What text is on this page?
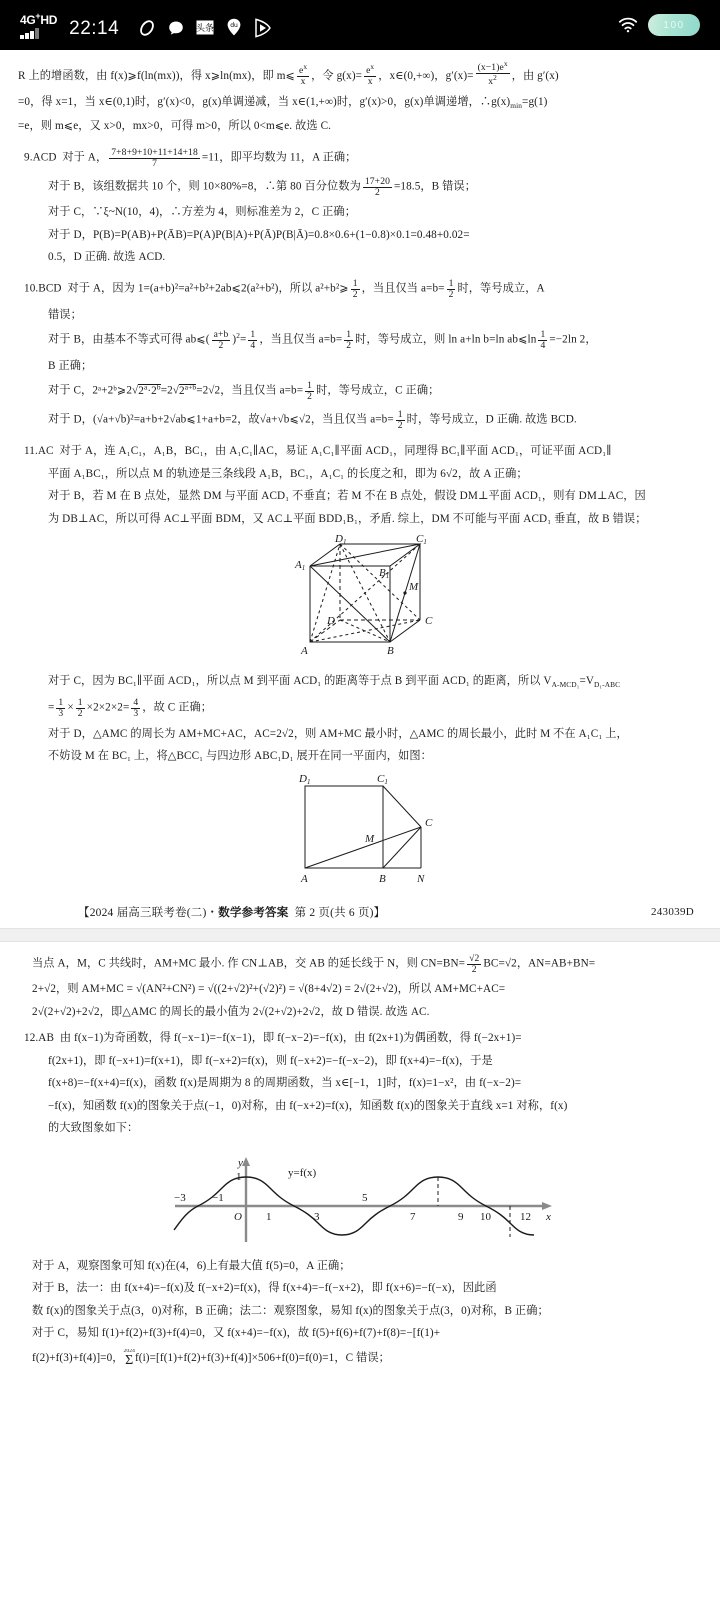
4G+HD 22:14	头条	du	100

R 上的增函数，由 f(x)⩾f(ln(mx))，得 x⩾ln(mx)，即 m⩽ $\frac{e^x}{x}$ ，令 $g(x)= \frac{e^x}{x}$ ，x∈(0,+∞)，$g'(x)= \frac{(x-1)e^x}{x^2}$ ，由 g′(x)

=0，得 x=1，当 x∈(0,1)时，g′(x)<0，g(x)单调递减，当 x∈(1,+∞)时，g′(x)>0，g(x)单调递增，$\therefore g(x)_{min}=g(1)$

=e，则 m⩽e，又 x>0，mx>0，可得 m>0，所以 0<m⩽e. 故选 C.

9.ACD 对于 A， $\frac{7+8+9+10+11+14+18}{7} =11$，即平均数为 11，A 正确；

对于 B，该组数据共 10 个，则 10×80%=8，∴第 80 百分位数为 $\frac{17+20}{2} =18.5$，B 错误；

对于 C，∵ξ~N(10，4)，∴方差为 4，则标准差为 2，C 正确；

对于 D，P(B)=P(AB)+P(ĀB)=P(A)P(B|A)+P(Ā)P(B|Ā)=0.8×0.6+(1−0.8)×0.1=0.48+0.02=

0.5，D 正确. 故选 ACD.

10.BCD 对于 A，因为 1=(a+b)²=a²+b²+2ab⩽2(a²+b²)，所以 a²+b²⩾ $\frac{1}{2}$ ，当且仅当 $a=b= \frac{1}{2}$ 时，等号成立，A

错误；

对于 B，由基本不等式可得 ab⩽( $\frac{a+b}{2} )^2= \frac{1}{4}$ ，当且仅当 $a=b= \frac{1}{2}$ 时，等号成立，则 ln a+ln b=ln ab⩽ln $\frac{1}{4} =-2\ln$ 2，

B 正确；

对于 C，$2ᵃ+2ᵇ⩾2√2^a\cdot 2^b=2√2^{a+b}=2√2$，当且仅当 $a=b= \frac{1}{2}$ 时，等号成立，C 正确；

对于 D，(√a+√b)²=a+b+2√ab⩽1+a+b=2，故√a+√b⩽√2，当且仅当 $a=b= \frac{1}{2}$ 时，等号成立，D 正确. 故选 BCD.

11.AC 对于 A，连 A₁C₁，A₁B，BC₁，由 A₁C₁∥AC，易证 A₁C₁∥平面 ACD₁，同理得 BC₁∥平面 ACD₁，可证平面 ACD₁∥

平面 A₁BC₁，所以点 M 的轨迹是三条线段 A₁B，BC₁，A₁C₁ 的长度之和，即为 6√2，故 A 正确；

对于 B，若 M 在 B 点处，显然 DM 与平面 ACD₁ 不垂直；若 M 不在 B 点处，假设 DM⊥平面 ACD₁，则有 DM⊥AC，因

为 DB⊥AC，所以可得 AC⊥平面 BDM，又 AC⊥平面 BDD₁B₁，矛盾. 综上，DM 不可能与平面 ACD₁ 垂直，故 B 错误；

D1	C1
A1	B1
M
D	C
A	B

对于 C，因为 BC₁∥平面 ACD₁，所以点 M 到平面 ACD₁ 的距离等于点 B 到平面 ACD₁ 的距离，所以 $V_{A-MCD_1}=V_{D_1-ABC}$

= $\frac{1}{3} \times \frac{1}{2} \times 2\times 2\times 2= \frac{4}{3}$ ，故 C 正确；

对于 D，△AMC 的周长为 AM+MC+AC，AC=2√2，则 AM+MC 最小时，△AMC 的周长最小，此时 M 不在 A₁C₁ 上，

不妨设 M 在 BC₁ 上，将△BCC₁ 与四边形 ABC₁D₁ 展开在同一平面内，如图：

D1	C1
C
M
A	B	N
【2024 届高三联考卷(二)・数学参考答案 第 2 页(共 6 页)】	243039D

当点 A，M，C 共线时，AM+MC 最小. 作 CN⊥AB，交 AB 的延长线于 N，则 $CN=BN= \frac{√2}{2} BC=√2$，AN=AB+BN=

2+√2，则 AM+MC = √(AN²+CN²) = √((2+√2)²+(√2)²) = √(8+4√2) = 2√(2+√2)，所以 AM+MC+AC=

2√(2+√2)+2√2，即△AMC 的周长的最小值为 2√(2+√2)+2√2，故 D 错误. 故选 AC.

12.AB 由 f(x−1)为奇函数，得 f(−x−1)=−f(x−1)，即 f(−x−2)=−f(x)，由 f(2x+1)为偶函数，得 f(−2x+1)=

f(2x+1)，即 f(−x+1)=f(x+1)，即 f(−x+2)=f(x)，则 f(−x+2)=−f(−x−2)，即 f(x+4)=−f(x)，于是

f(x+8)=−f(x+4)=f(x)，函数 f(x)是周期为 8 的周期函数，当 x∈[−1，1]时，f(x)=1−x²，由 f(−x−2)=

−f(x)，知函数 f(x)的图象关于点(−1，0)对称，由 f(−x+2)=f(x)，知函数 f(x)的图象关于直线 x=1 对称，f(x)

的大致图象如下：

1
y
x
O
y=f(x)
−3 −1
1	3
5
7	9 10	12

对于 A，观察图象可知 f(x)在(4，6)上有最大值 f(5)=0，A 正确；

对于 B，法一：由 f(x+4)=−f(x)及 f(−x+2)=f(x)，得 f(x+4)=−f(−x+2)，即 f(x+6)=−f(−x)，因此函

数 f(x)的图象关于点(3，0)对称，B 正确；法二：观察图象，易知 f(x)的图象关于点(3，0)对称，B 正确；

对于 C，易知 f(1)+f(2)+f(3)+f(4)=0，又 f(x+4)=−f(x)，故 f(5)+f(6)+f(7)+f(8)=−[f(1)+

f(2)+f(3)+f(4)]=0，
2024
Σ f(i)=[f(1)+f(2)+f(3)+f(4)]×506+f(0)=f(0)=1，C 错误；
